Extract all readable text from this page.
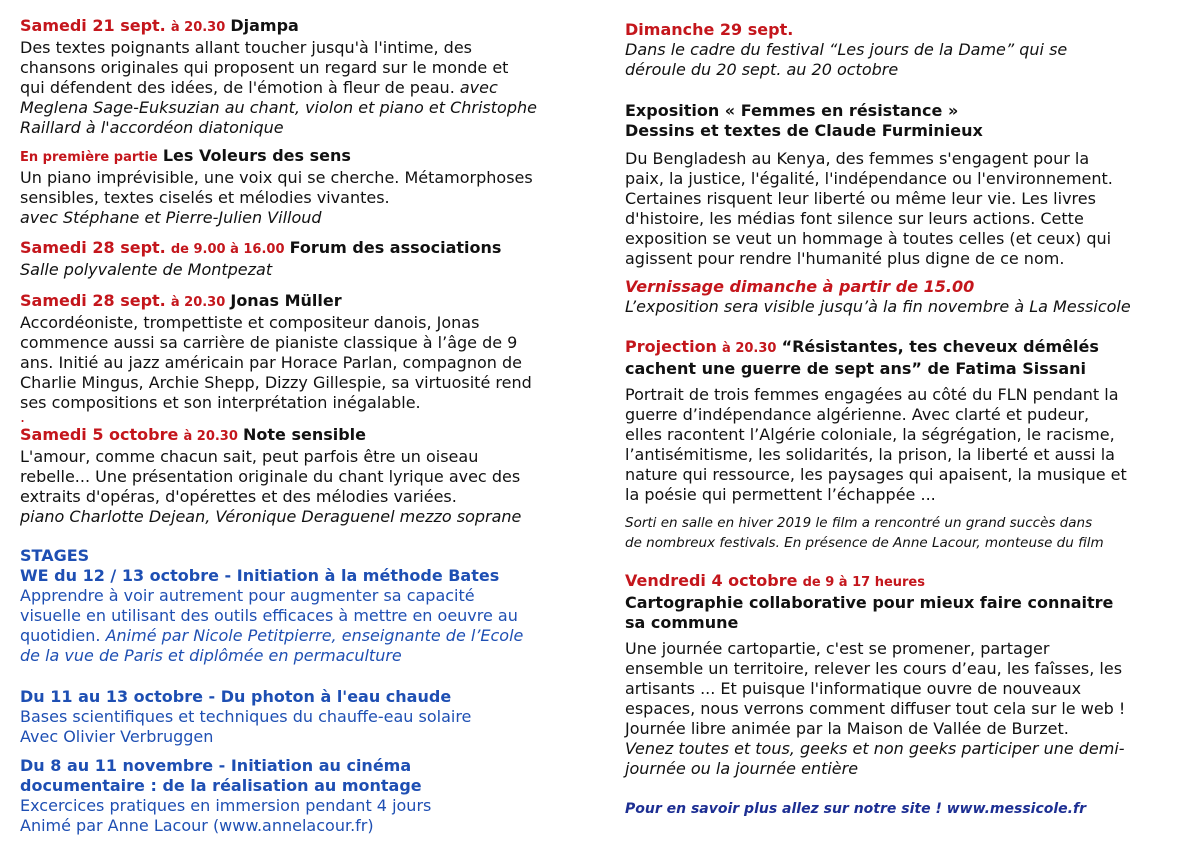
Samedi 21 sept. à 20.30 Djampa
Des textes poignants allant toucher jusqu'à l'intime, des
chansons originales qui proposent un regard sur le monde et
qui défendent des idées, de l'émotion à fleur de peau. avec
Meglena Sage-Euksuzian au chant, violon et piano et Christophe
Raillard à l'accordéon diatonique
En première partie Les Voleurs des sens
Un piano imprévisible, une voix qui se cherche. Métamorphoses
sensibles, textes ciselés et mélodies vivantes.
avec Stéphane et Pierre-Julien Villoud
Samedi 28 sept. de 9.00 à 16.00 Forum des associations
Salle polyvalente de Montpezat
Samedi 28 sept. à 20.30 Jonas Müller
Accordéoniste, trompettiste et compositeur danois, Jonas
commence aussi sa carrière de pianiste classique à l’âge de 9
ans. Initié au jazz américain par Horace Parlan, compagnon de
Charlie Mingus, Archie Shepp, Dizzy Gillespie, sa virtuosité rend
ses compositions et son interprétation inégalable.
.
Samedi 5 octobre à 20.30 Note sensible
L'amour, comme chacun sait, peut parfois être un oiseau
rebelle... Une présentation originale du chant lyrique avec des
extraits d'opéras, d'opérettes et des mélodies variées.
piano Charlotte Dejean, Véronique Deraguenel mezzo soprane
STAGES
WE du 12 / 13 octobre - Initiation à la méthode Bates
Apprendre à voir autrement pour augmenter sa capacité
visuelle en utilisant des outils efficaces à mettre en oeuvre au
quotidien. Animé par Nicole Petitpierre, enseignante de l’Ecole
de la vue de Paris et diplômée en permaculture
Du 11 au 13 octobre - Du photon à l'eau chaude
Bases scientifiques et techniques du chauffe-eau solaire
Avec Olivier Verbruggen
Du 8 au 11 novembre - Initiation au cinéma
documentaire : de la réalisation au montage
Excercices pratiques en immersion pendant 4 jours
Animé par Anne Lacour (www.annelacour.fr)
Dimanche 29 sept.
Dans le cadre du festival “Les jours de la Dame” qui se
déroule du 20 sept. au 20 octobre
Exposition « Femmes en résistance »
Dessins et textes de Claude Furminieux
Du Bengladesh au Kenya, des femmes s'engagent pour la
paix, la justice, l'égalité, l'indépendance ou l'environnement.
Certaines risquent leur liberté ou même leur vie. Les livres
d'histoire, les médias font silence sur leurs actions. Cette
exposition se veut un hommage à toutes celles (et ceux) qui
agissent pour rendre l'humanité plus digne de ce nom.
Vernissage dimanche à partir de 15.00
L’exposition sera visible jusqu’à la fin novembre à La Messicole
Projection à 20.30 “Résistantes, tes cheveux démêlés
cachent une guerre de sept ans” de Fatima Sissani
Portrait de trois femmes engagées au côté du FLN pendant la
guerre d’indépendance algérienne. Avec clarté et pudeur,
elles racontent l’Algérie coloniale, la ségrégation, le racisme,
l’antisémitisme, les solidarités, la prison, la liberté et aussi la
nature qui ressource, les paysages qui apaisent, la musique et
la poésie qui permettent l’échappée ...
Sorti en salle en hiver 2019 le film a rencontré un grand succès dans
de nombreux festivals. En présence de Anne Lacour, monteuse du film
Vendredi 4 octobre de 9 à 17 heures
Cartographie collaborative pour mieux faire connaitre
sa commune
Une journée cartopartie, c'est se promener, partager
ensemble un territoire, relever les cours d’eau, les faîsses, les
artisants ... Et puisque l'informatique ouvre de nouveaux
espaces, nous verrons comment diffuser tout cela sur le web !
Journée libre animée par la Maison de Vallée de Burzet.
Venez toutes et tous, geeks et non geeks participer une demi-
journée ou la journée entière
Pour en savoir plus allez sur notre site ! www.messicole.fr
